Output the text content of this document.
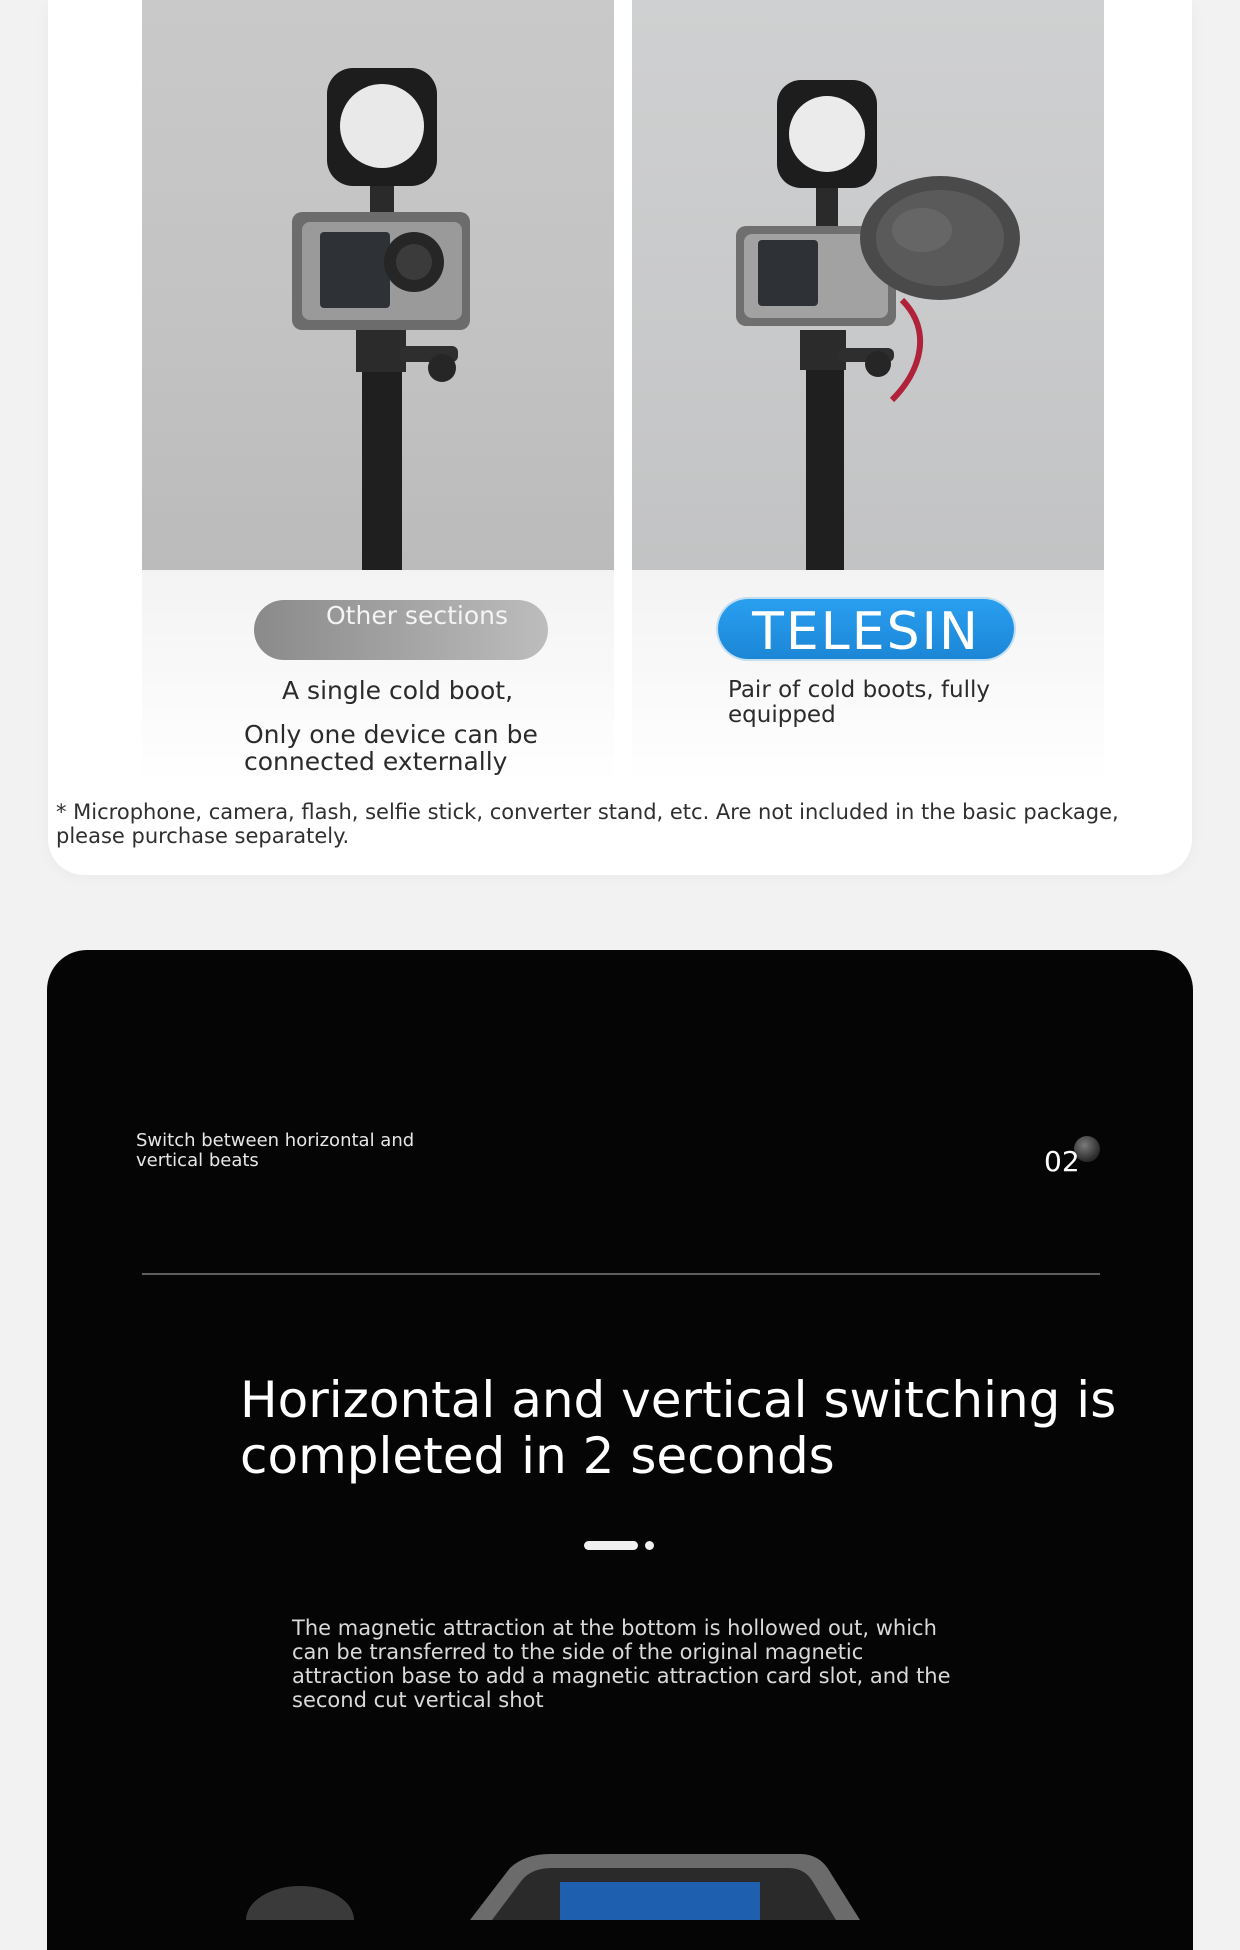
Other sections	TELESIN
A single cold boot,
Only one device can be connected externally
Pair of cold boots, fully equipped
* Microphone, camera, flash, selfie stick, converter stand, etc. Are not included in the basic package, please purchase separately.
Switch between horizontal and vertical beats	02
Horizontal and vertical switching is completed in 2 seconds
The magnetic attraction at the bottom is hollowed out, which can be transferred to the side of the original magnetic attraction base to add a magnetic attraction card slot, and the second cut vertical shot
